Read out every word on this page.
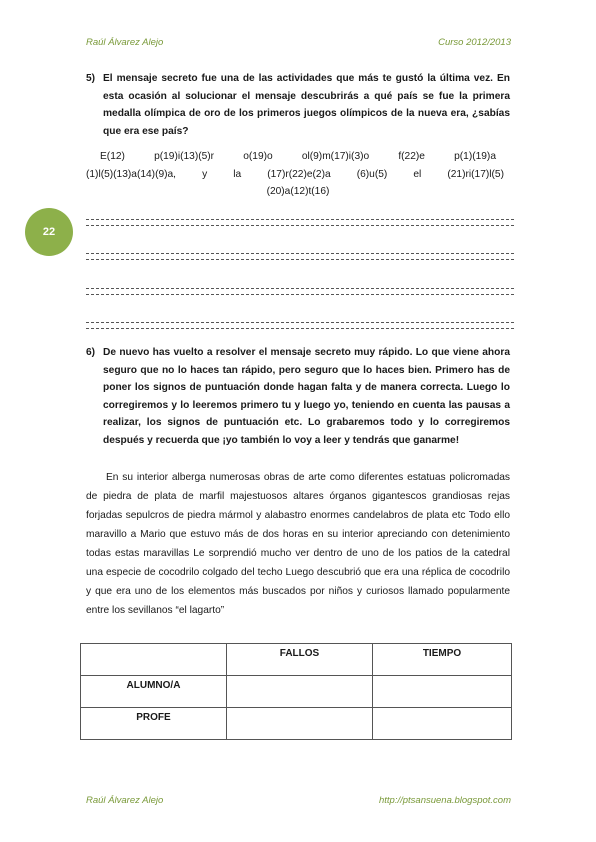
Raúl Álvarez Alejo	Curso 2012/2013
22
5) El mensaje secreto fue una de las actividades que más te gustó la última vez. En esta ocasión al solucionar el mensaje descubrirás a qué país se fue la primera medalla olímpica de oro de los primeros juegos olímpicos de la nueva era, ¿sabías que era ese país?
E(12)	p(19)i(13)(5)r	o(19)o	ol(9)m(17)i(3)o	f(22)e	p(1)(19)a
(1)l(5)(13)a(14)(9)a,	y	la	(17)r(22)e(2)a	(6)u(5)	el	(21)ri(17)l(5)
(20)a(12)t(16)
6) De nuevo has vuelto a resolver el mensaje secreto muy rápido. Lo que viene ahora seguro que no lo haces tan rápido, pero seguro que lo haces bien. Primero has de poner los signos de puntuación donde hagan falta y de manera correcta. Luego lo corregiremos y lo leeremos primero tu y luego yo, teniendo en cuenta las pausas a realizar, los signos de puntuación etc. Lo grabaremos todo y lo corregiremos después y recuerda que ¡yo también lo voy a leer y tendrás que ganarme!
En su interior alberga numerosas obras de arte como diferentes estatuas policromadas de piedra de plata de marfil majestuosos altares órganos gigantescos grandiosas rejas forjadas sepulcros de piedra mármol y alabastro enormes candelabros de plata etc Todo ello maravillo a Mario que estuvo más de dos horas en su interior apreciando con detenimiento todas estas maravillas Le sorprendió mucho ver dentro de uno de los patios de la catedral una especie de cocodrilo colgado del techo Luego descubrió que era una réplica de cocodrilo y que era uno de los elementos más buscados por niños y curiosos llamado popularmente entre los sevillanos “el lagarto”
	FALLOS	TIEMPO
ALUMNO/A		
PROFE		
Raúl Álvarez Alejo	http://ptsansuena.blogspot.com
